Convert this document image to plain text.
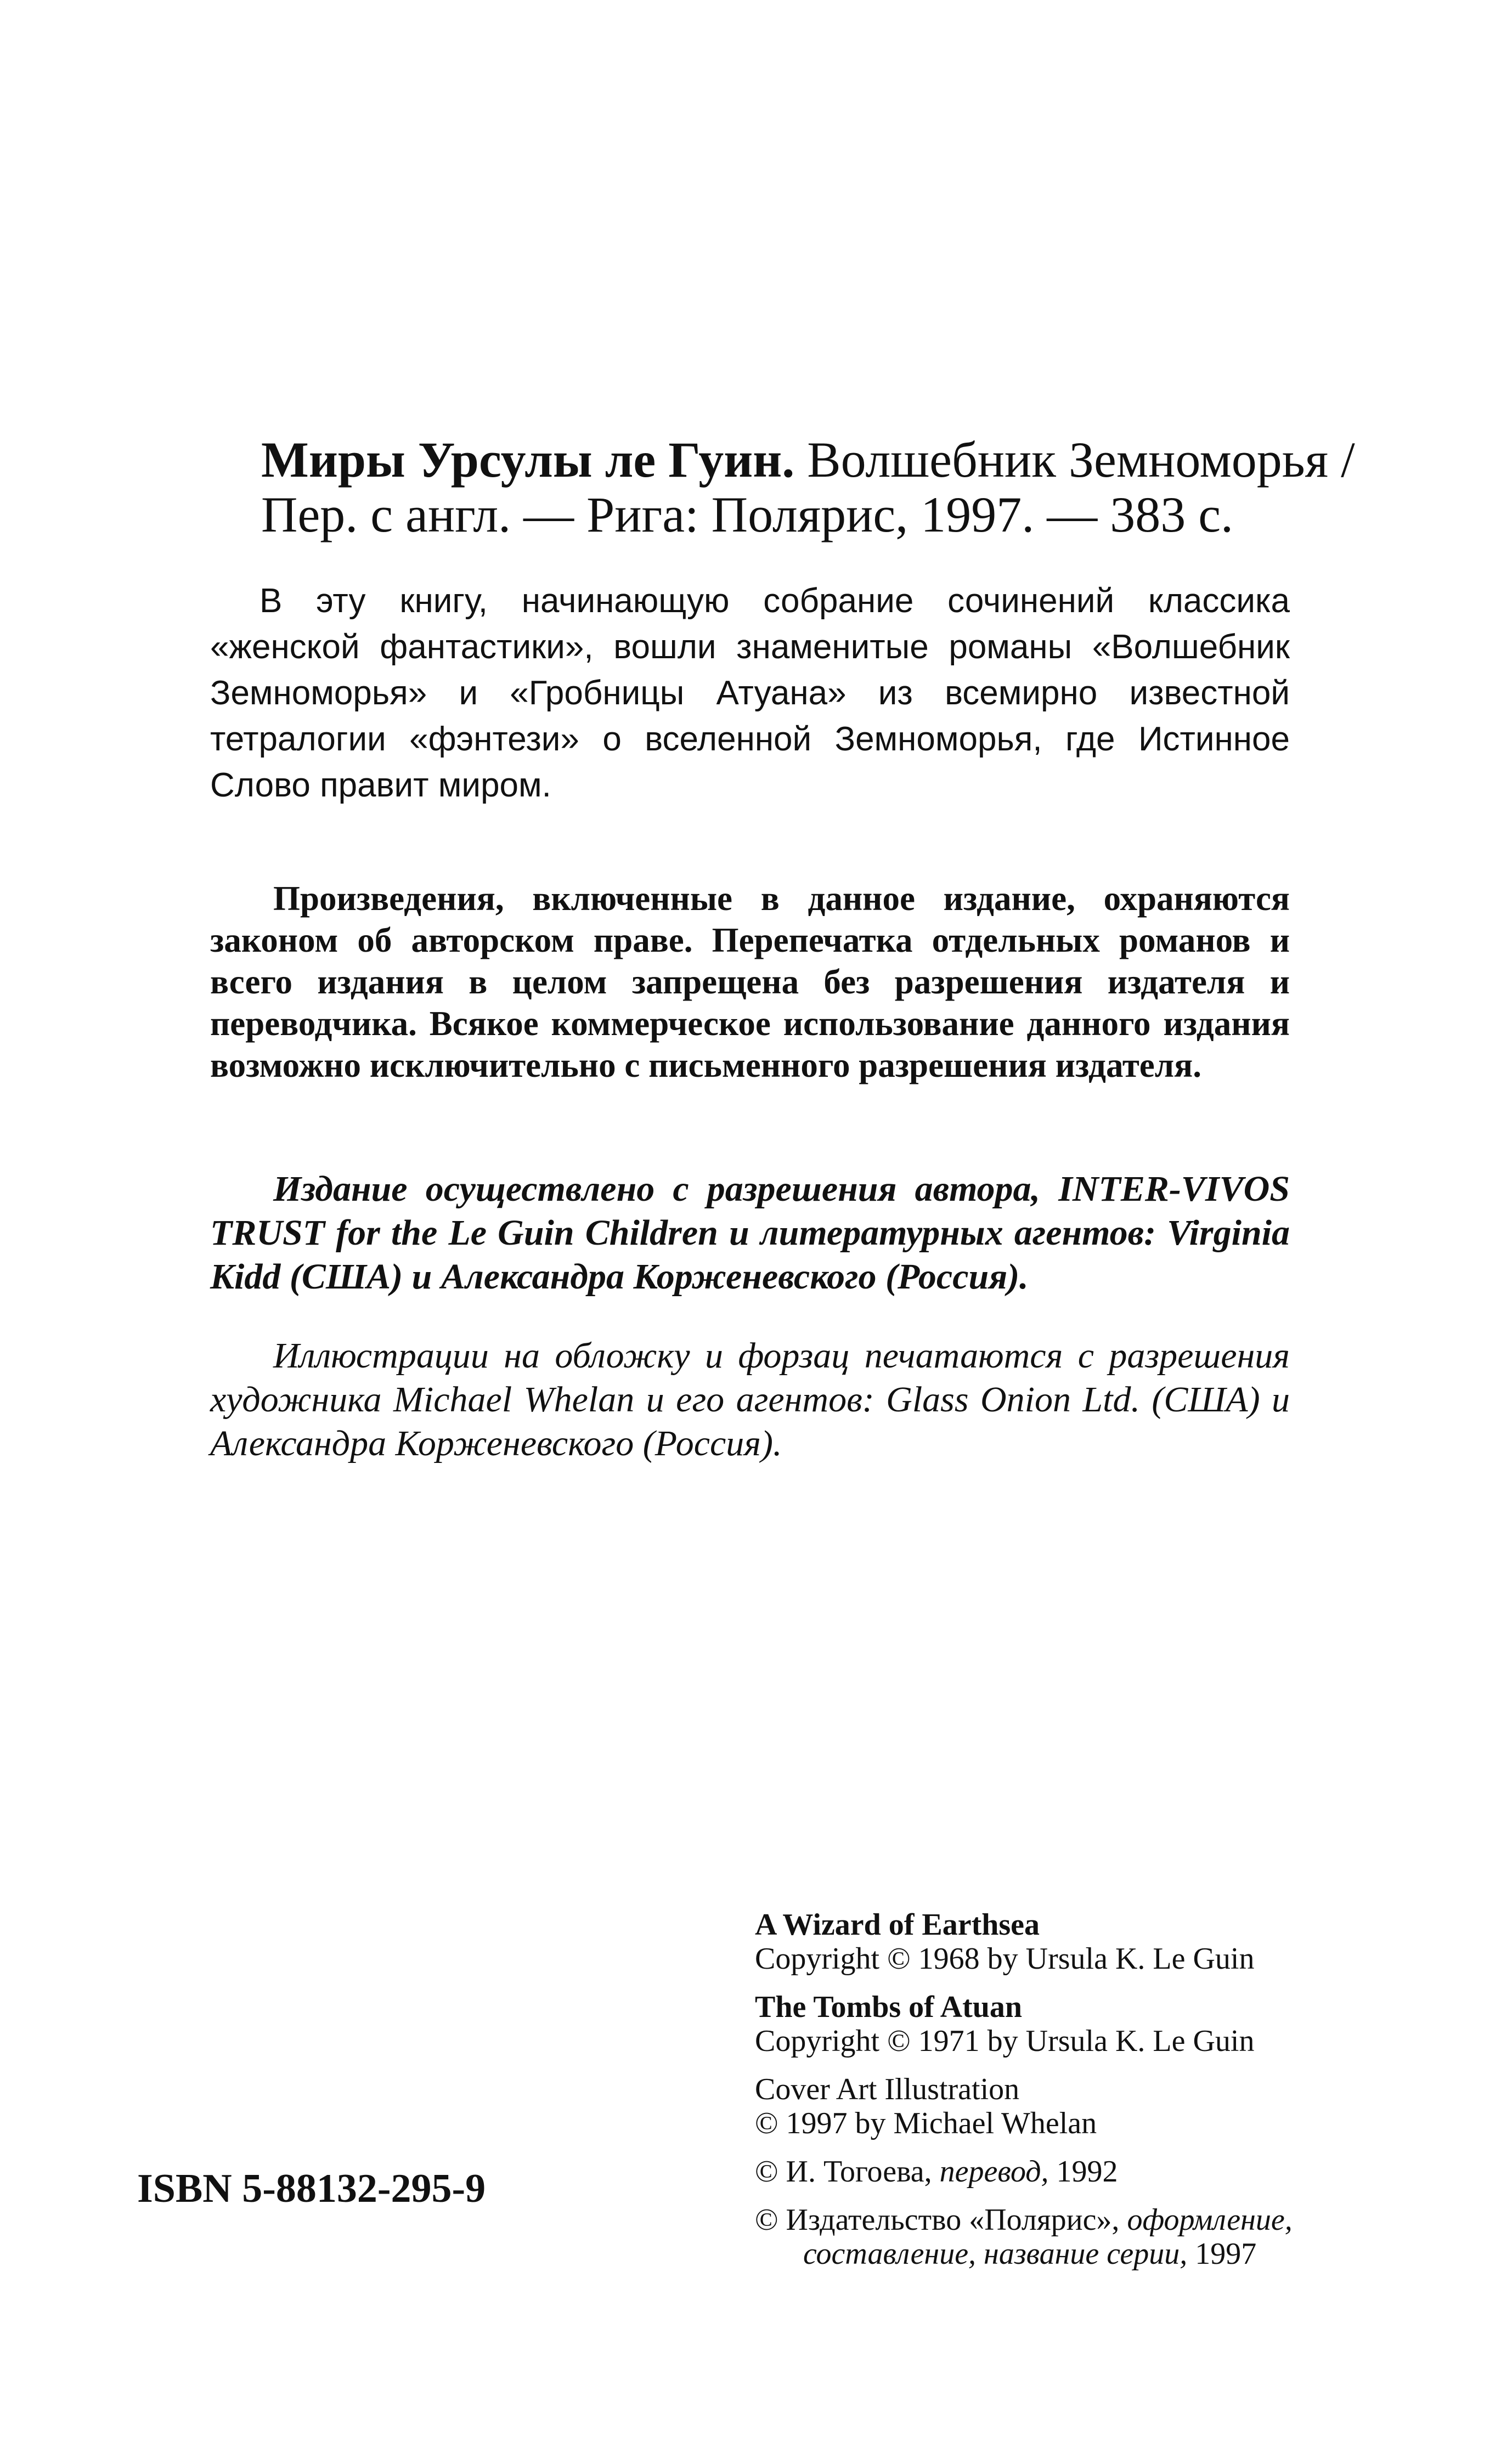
Миры Урсулы ле Гуин. Волшебник Земноморья /
Пер. с англ. — Рига: Полярис, 1997. — 383 с.
В эту книгу, начинающую собрание сочинений классика «женской фантастики», вошли знаменитые романы «Волшебник Земноморья» и «Гробницы Атуана» из всемирно известной тетралогии «фэнтези» о вселенной Земноморья, где Истинное Слово правит миром.
Произведения, включенные в данное издание, охраняются законом об авторском праве. Перепечатка отдельных романов и всего издания в целом запрещена без разрешения издателя и переводчика. Всякое коммерческое использование данного издания возможно исключительно с письменного разрешения издателя.
Издание осуществлено с разрешения автора, INTER-VIVOS TRUST for the Le Guin Children и литературных агентов: Virginia Kidd (США) и Александра Корженевского (Россия).
Иллюстрации на обложку и форзац печатаются с разрешения художника Michael Whelan и его агентов: Glass Onion Ltd. (США) и Александра Корженевского (Россия).
A Wizard of Earthsea
Copyright © 1968 by Ursula K. Le Guin
The Tombs of Atuan
Copyright © 1971 by Ursula K. Le Guin
Cover Art Illustration
© 1997 by Michael Whelan
© И. Тогоева, перевод, 1992
© Издательство «Полярис», оформление, составление, название серии, 1997
ISBN 5-88132-295-9
